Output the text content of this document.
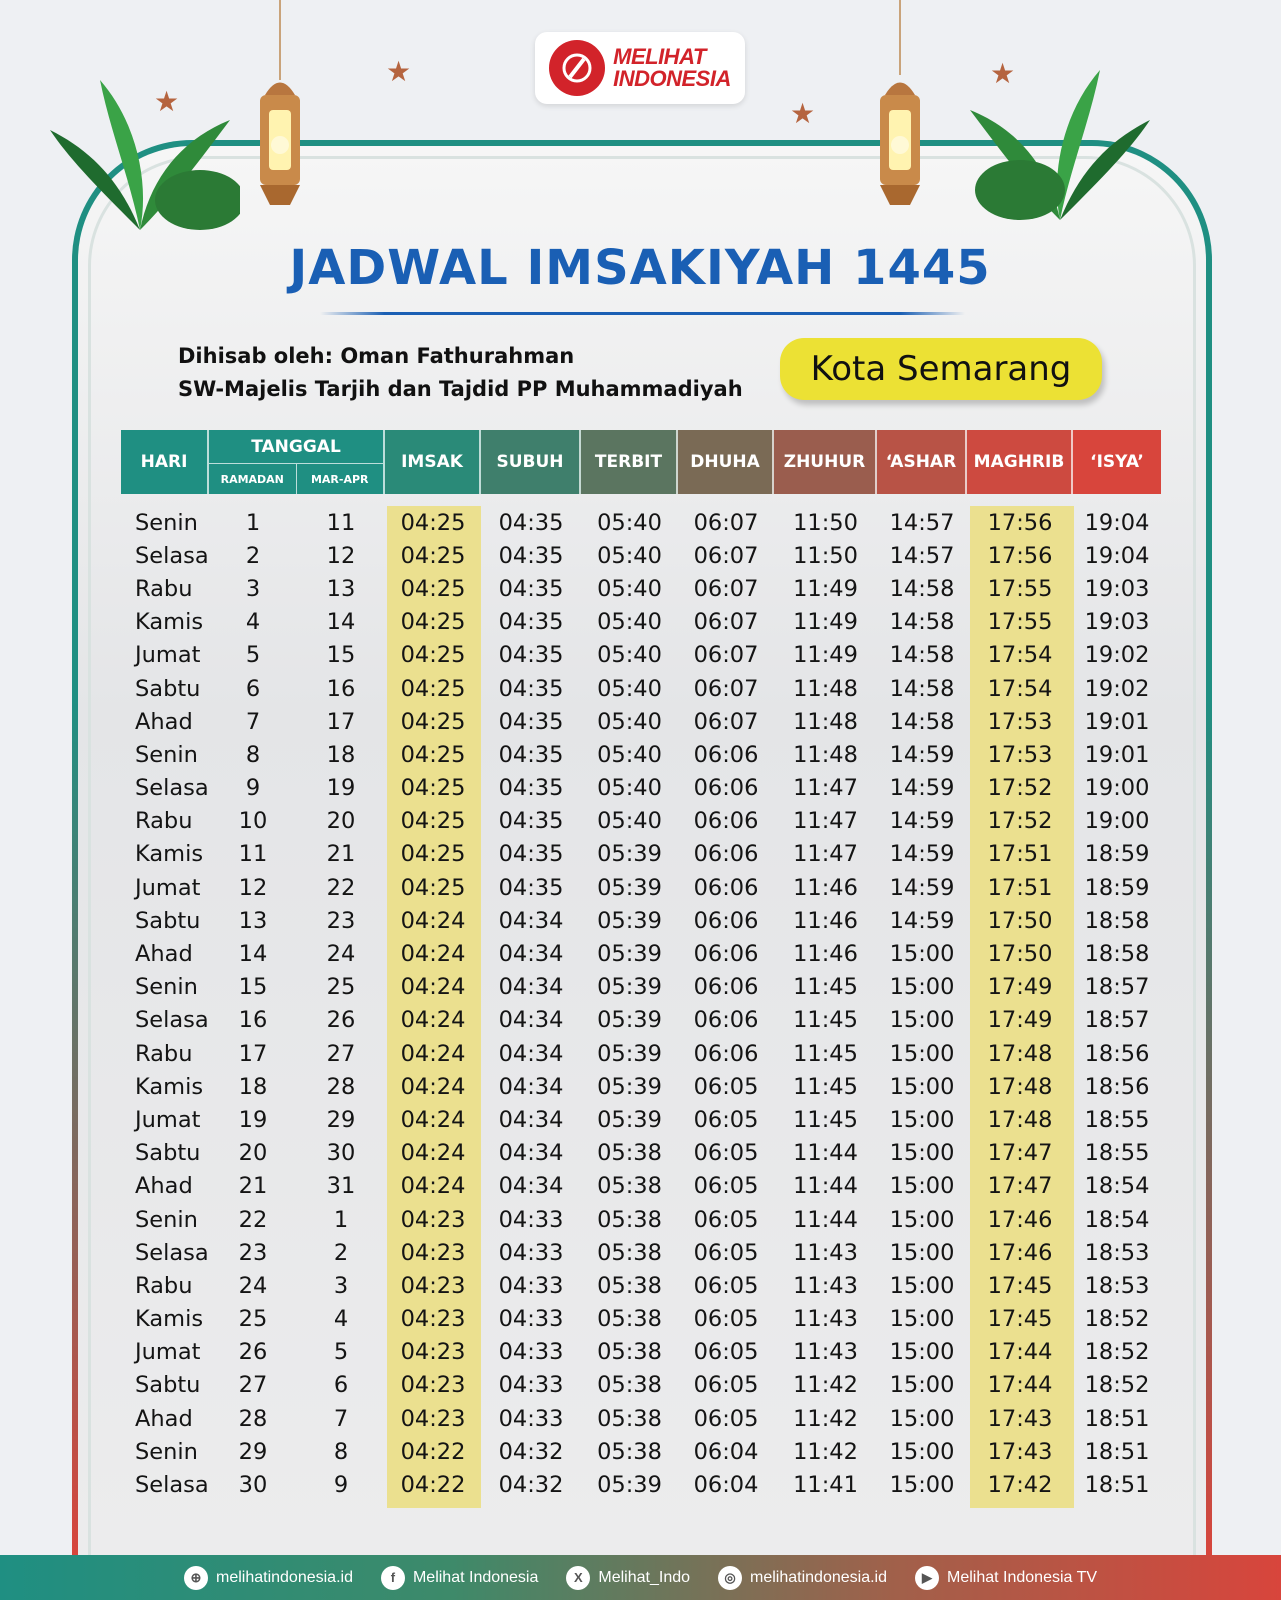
★
★
★
★
MELIHAT
INDONESIA
JADWAL IMSAKIYAH 1445
Dihisab oleh: Oman Fathurahman
SW-Majelis Tarjih dan Tajdid PP Muhammadiyah	Kota Semarang
HARI
TANGGAL
RAMADAN	MAR-APR
IMSAK	SUBUH	TERBIT	DHUHA	ZHUHUR	‘ASHAR	MAGHRIB	‘ISYA’
Senin	1	11	04:25	04:35	05:40	06:07	11:50	14:57	17:56	19:04
Selasa	2	12	04:25	04:35	05:40	06:07	11:50	14:57	17:56	19:04
Rabu	3	13	04:25	04:35	05:40	06:07	11:49	14:58	17:55	19:03
Kamis	4	14	04:25	04:35	05:40	06:07	11:49	14:58	17:55	19:03
Jumat	5	15	04:25	04:35	05:40	06:07	11:49	14:58	17:54	19:02
Sabtu	6	16	04:25	04:35	05:40	06:07	11:48	14:58	17:54	19:02
Ahad	7	17	04:25	04:35	05:40	06:07	11:48	14:58	17:53	19:01
Senin	8	18	04:25	04:35	05:40	06:06	11:48	14:59	17:53	19:01
Selasa	9	19	04:25	04:35	05:40	06:06	11:47	14:59	17:52	19:00
Rabu	10	20	04:25	04:35	05:40	06:06	11:47	14:59	17:52	19:00
Kamis	11	21	04:25	04:35	05:39	06:06	11:47	14:59	17:51	18:59
Jumat	12	22	04:25	04:35	05:39	06:06	11:46	14:59	17:51	18:59
Sabtu	13	23	04:24	04:34	05:39	06:06	11:46	14:59	17:50	18:58
Ahad	14	24	04:24	04:34	05:39	06:06	11:46	15:00	17:50	18:58
Senin	15	25	04:24	04:34	05:39	06:06	11:45	15:00	17:49	18:57
Selasa	16	26	04:24	04:34	05:39	06:06	11:45	15:00	17:49	18:57
Rabu	17	27	04:24	04:34	05:39	06:06	11:45	15:00	17:48	18:56
Kamis	18	28	04:24	04:34	05:39	06:05	11:45	15:00	17:48	18:56
Jumat	19	29	04:24	04:34	05:39	06:05	11:45	15:00	17:48	18:55
Sabtu	20	30	04:24	04:34	05:38	06:05	11:44	15:00	17:47	18:55
Ahad	21	31	04:24	04:34	05:38	06:05	11:44	15:00	17:47	18:54
Senin	22	1	04:23	04:33	05:38	06:05	11:44	15:00	17:46	18:54
Selasa	23	2	04:23	04:33	05:38	06:05	11:43	15:00	17:46	18:53
Rabu	24	3	04:23	04:33	05:38	06:05	11:43	15:00	17:45	18:53
Kamis	25	4	04:23	04:33	05:38	06:05	11:43	15:00	17:45	18:52
Jumat	26	5	04:23	04:33	05:38	06:05	11:43	15:00	17:44	18:52
Sabtu	27	6	04:23	04:33	05:38	06:05	11:42	15:00	17:44	18:52
Ahad	28	7	04:23	04:33	05:38	06:05	11:42	15:00	17:43	18:51
Senin	29	8	04:22	04:32	05:38	06:04	11:42	15:00	17:43	18:51
Selasa	30	9	04:22	04:32	05:39	06:04	11:41	15:00	17:42	18:51
⊕ melihatindonesia.id	f	Melihat Indonesia	X Melihat_Indo	◎ melihatindonesia.id	▶ Melihat Indonesia TV
